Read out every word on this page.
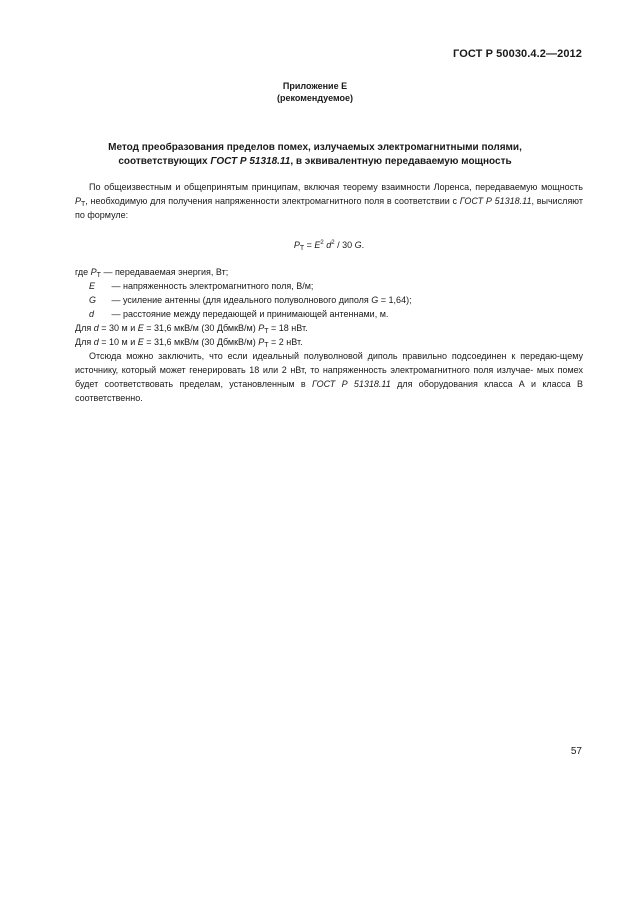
ГОСТ Р 50030.4.2—2012
Приложение Е
(рекомендуемое)
Метод преобразования пределов помех, излучаемых электромагнитными полями,
соответствующих ГОСТ Р 51318.11, в эквивалентную передаваемую мощность

По общеизвестным и общепринятым принципам, включая теорему взаимности Лоренса, передаваемую мощность $P_Т$, необходимую для получения напряженности электромагнитного поля в соответствии с ГОСТ Р 51318.11, вычисляют по формуле:

$P_Т = E^2$ $d^2 / 30$ G.

где $P_Т$ — передаваемая энергия, Вт;

E — напряженность электромагнитного поля, В/м;

G — усиление антенны (для идеального полуволнового диполя G = 1,64);

d — расстояние между передающей и принимающей антеннами, м.

Для d = 30 м и E = 31,6 мкВ/м (30 ДбмкВ/м) $P_Т = 18$ нВт.

Для d = 10 м и E = 31,6 мкВ/м (30 ДбмкВ/м) $P_Т = 2$ нВт.

Отсюда можно заключить, что если идеальный полуволновой диполь правильно подсоединен к передаю-щему источнику, который может генерировать 18 или 2 нВт, то напряженность электромагнитного поля излучае- мых помех будет соответствовать пределам, установленным в ГОСТ Р 51318.11 для оборудования класса А и класса В соответственно.

57
